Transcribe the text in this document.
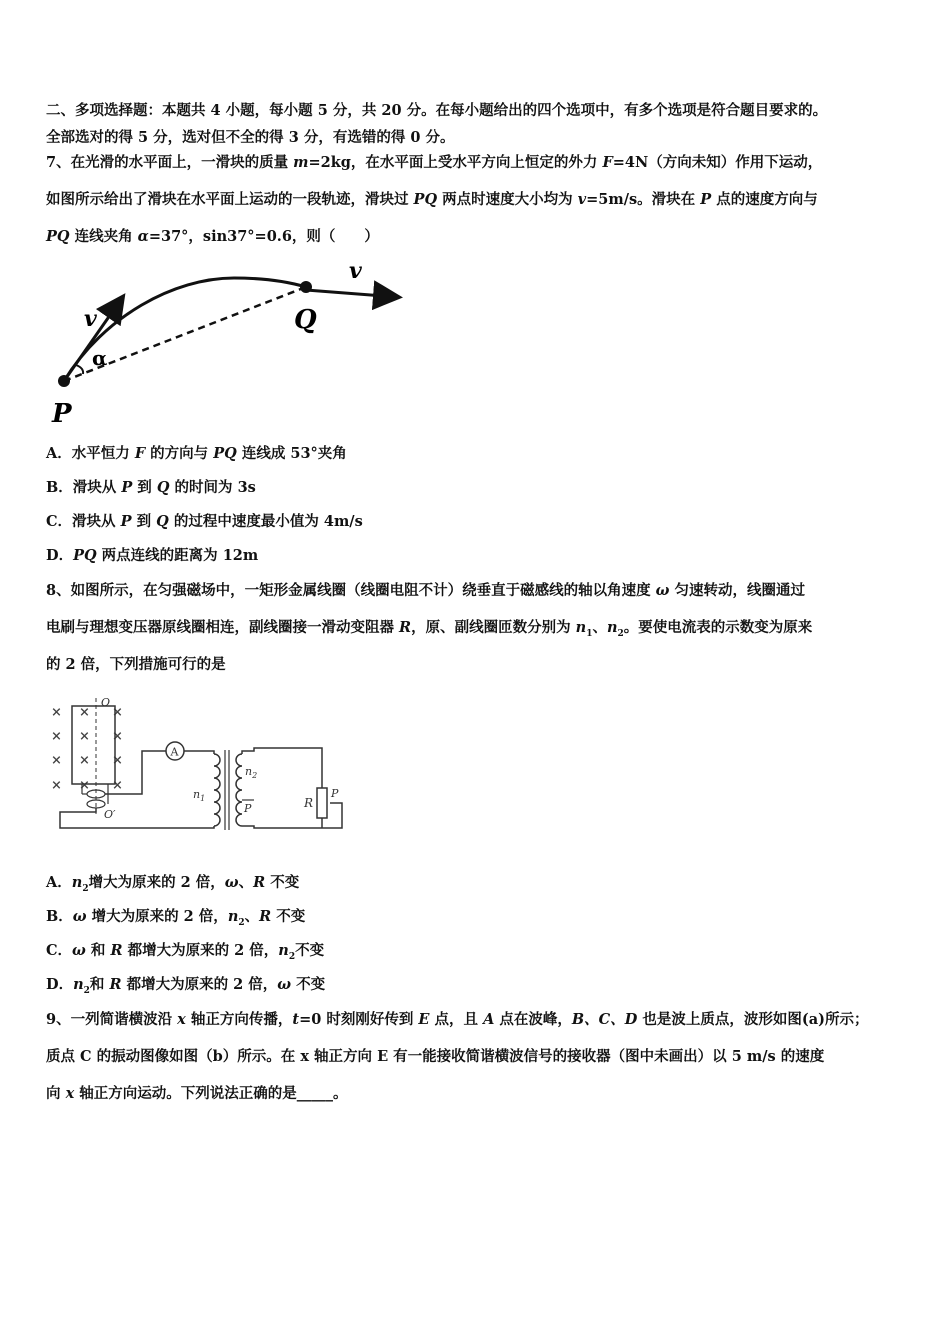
二、多项选择题：本题共 4 小题，每小题 5 分，共 20 分。在每小题给出的四个选项中，有多个选项是符合题目要求的。
全部选对的得 5 分，选对但不全的得 3 分，有选错的得 0 分。
7、在光滑的水平面上，一滑块的质量 m=2kg，在水平面上受水平方向上恒定的外力 F=4N（方向未知）作用下运动，
如图所示给出了滑块在水平面上运动的一段轨迹，滑块过 PQ 两点时速度大小均为 v=5m/s。滑块在 P 点的速度方向与
PQ 连线夹角 α=37°，sin37°=0.6，则（　　）
v
v
α
Q
P
A．水平恒力 F 的方向与 PQ 连线成 53°夹角
B．滑块从 P 到 Q 的时间为 3s
C．滑块从 P 到 Q 的过程中速度最小值为 4m/s
D．PQ 两点连线的距离为 12m
8、如图所示，在匀强磁场中，一矩形金属线圈（线圈电阻不计）绕垂直于磁感线的轴以角速度 ω 匀速转动，线圈通过
电刷与理想变压器原线圈相连，副线圈接一滑动变阻器 R，原、副线圈匝数分别为 $n_1$、$n_2$。要使电流表的示数变为原来
的 2 倍，下列措施可行的是
×
×
×
×
×
×
×
×
×
×
×
×
O
O′
A
$n_1$
$n_2$
P	R
P
A．$n_2$增大为原来的 2 倍，ω、R 不变
B．ω 增大为原来的 2 倍，$n_2$、R 不变
C．ω 和 R 都增大为原来的 2 倍，$n_2$不变
D．$n_2$和 R 都增大为原来的 2 倍，ω 不变
9、一列简谐横波沿 x 轴正方向传播，t=0 时刻刚好传到 E 点，且 A 点在波峰，B、C、D 也是波上质点，波形如图(a)所示；
质点 C 的振动图像如图（b）所示。在 x 轴正方向 E 有一能接收简谐横波信号的接收器（图中未画出）以 5 m/s 的速度
向 x 轴正方向运动。下列说法正确的是_____。
